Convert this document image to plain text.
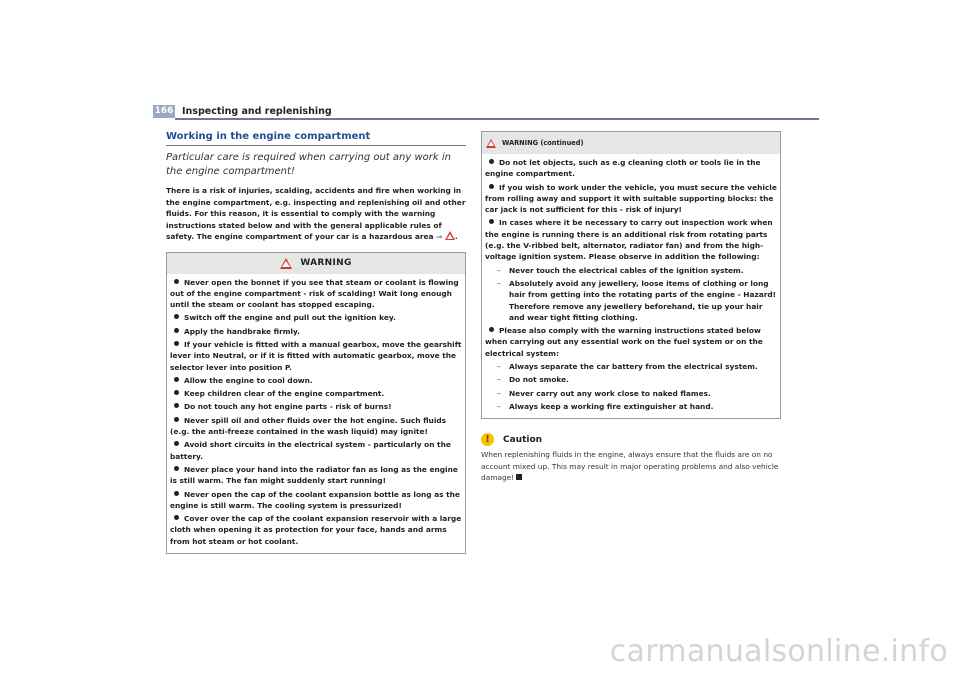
166 Inspecting and replenishing
Working in the engine compartment
Particular care is required when carrying out any work in the engine compartment!
There is a risk of injuries, scalding, accidents and fire when working in the engine compartment, e.g. inspecting and replenishing oil and other fluids. For this reason, it is essential to comply with the warning instructions stated below and with the general applicable rules of safety. The engine compartment of your car is a hazardous area ⇒ .
WARNING
Never open the bonnet if you see that steam or coolant is flowing out of the engine compartment - risk of scalding! Wait long enough until the steam or coolant has stopped escaping.
Switch off the engine and pull out the ignition key.
Apply the handbrake firmly.
If your vehicle is fitted with a manual gearbox, move the gearshift lever into Neutral, or if it is fitted with automatic gearbox, move the selector lever into position P.
Allow the engine to cool down.
Keep children clear of the engine compartment.
Do not touch any hot engine parts - risk of burns!
Never spill oil and other fluids over the hot engine. Such fluids (e.g. the anti-freeze contained in the wash liquid) may ignite!
Avoid short circuits in the electrical system - particularly on the battery.
Never place your hand into the radiator fan as long as the engine is still warm. The fan might suddenly start running!
Never open the cap of the coolant expansion bottle as long as the engine is still warm. The cooling system is pressurized!
Cover over the cap of the coolant expansion reservoir with a large cloth when opening it as protection for your face, hands and arms from hot steam or hot coolant.
WARNING (continued)
Do not let objects, such as e.g cleaning cloth or tools lie in the engine compartment.
If you wish to work under the vehicle, you must secure the vehicle from rolling away and support it with suitable supporting blocks: the car jack is not sufficient for this - risk of injury!
In cases where it be necessary to carry out inspection work when the engine is running there is an additional risk from rotating parts (e.g. the V-ribbed belt, alternator, radiator fan) and from the high-voltage ignition system. Please observe in addition the following:
– Never touch the electrical cables of the ignition system.
– Absolutely avoid any jewellery, loose items of clothing or long hair from getting into the rotating parts of the engine - Hazard! Therefore remove any jewellery beforehand, tie up your hair and wear tight fitting clothing.
Please also comply with the warning instructions stated below when carrying out any essential work on the fuel system or on the electrical system:
– Always separate the car battery from the electrical system.
– Do not smoke.
– Never carry out any work close to naked flames.
– Always keep a working fire extinguisher at hand.
!	Caution
When replenishing fluids in the engine, always ensure that the fluids are on no account mixed up. This may result in major operating problems and also vehicle damage!
carmanualsonline.info
